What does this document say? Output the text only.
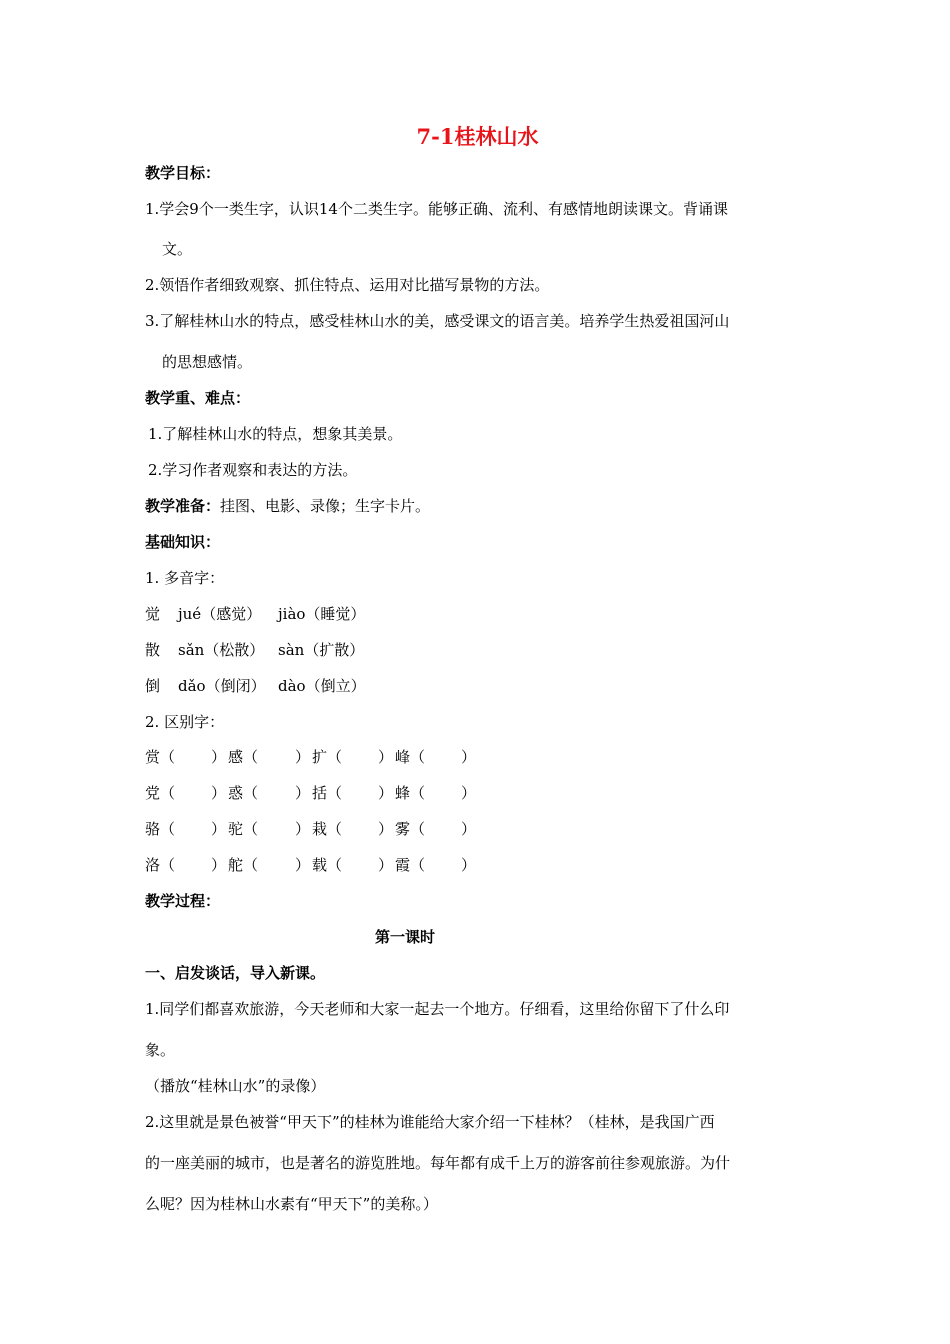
7-1桂林山水
教学目标：
1.学会9个一类生字，认识14个二类生字。能够正确、流利、有感情地朗读课文。背诵课
文。
2.领悟作者细致观察、抓住特点、运用对比描写景物的方法。
3.了解桂林山水的特点，感受桂林山水的美，感受课文的语言美。培养学生热爱祖国河山
的思想感情。
教学重、难点：
1.了解桂林山水的特点，想象其美景。
2.学习作者观察和表达的方法。
教学准备：挂图、电影、录像；生字卡片。
基础知识：
1. 多音字：
觉 jué（感觉） jiào（睡觉）
散 sǎn（松散） sàn（扩散）
倒 dǎo（倒闭） dào（倒立）
2. 区别字：
赏（ ） 感（ ） 扩（ ） 峰（ ）
党（ ） 惑（ ） 括（ ） 蜂（ ）
骆（ ） 驼（ ） 栽（ ） 雾（ ）
洛（ ） 舵（ ） 载（ ） 霞（ ）
教学过程：
第一课时
一、启发谈话，导入新课。
1.同学们都喜欢旅游，今天老师和大家一起去一个地方。仔细看，这里给你留下了什么印
象。
（播放“桂林山水”的录像）
2.这里就是景色被誉“甲天下”的桂林为谁能给大家介绍一下桂林？（桂林，是我国广西
的一座美丽的城市，也是著名的游览胜地。每年都有成千上万的游客前往参观旅游。为什
么呢？因为桂林山水素有“甲天下”的美称。）
